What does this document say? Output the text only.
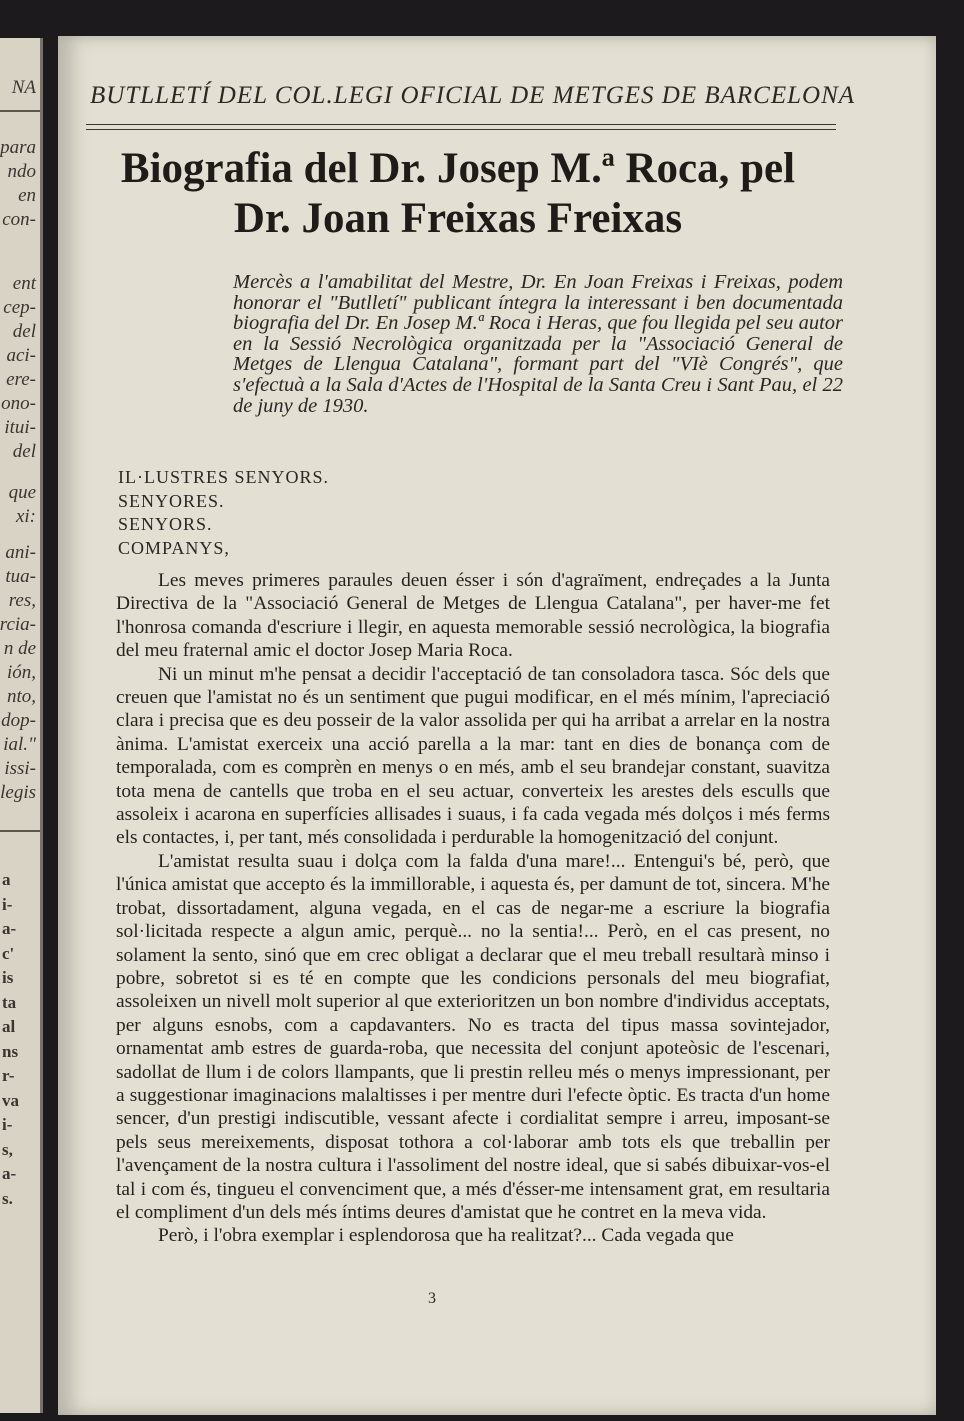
NA

para
ndo
en
con-
ent
cep-
del
aci-
ere-
ono-
itui-
del
que
xi:
ani-
tua-
res,
rcia-
n de
ión,
nto,
dop-
ial."
issi-
legis
a
i-
a-
c'
is
ta
al
ns
r-
va
i-
s,
a-
s.

BUTLLETÍ DEL COL.LEGI OFICIAL DE METGES DE BARCELONA

Biografia del Dr. Josep M.ª Roca, pel
Dr. Joan Freixas Freixas

Mercès a l'amabilitat del Mestre, Dr. En Joan Freixas i Freixas, podem honorar el "Butlletí" publicant íntegra la interessant i ben documentada biografia del Dr. En Josep M.ª Roca i Heras, que fou llegida pel seu autor en la Sessió Necrològica organitzada per la "Associació General de Metges de Llengua Catalana", formant part del "VIè Congrés", que s'efectuà a la Sala d'Actes de l'Hospital de la Santa Creu i Sant Pau, el 22 de juny de 1930.

IL·LUSTRES SENYORS.
SENYORES.
SENYORS.
COMPANYS,

Les meves primeres paraules deuen ésser i són d'agraïment, endreçades a la Junta Directiva de la "Associació General de Metges de Llengua Catalana", per haver-me fet l'honrosa comanda d'escriure i llegir, en aquesta memorable sessió necrològica, la biografia del meu fraternal amic el doctor Josep Maria Roca.

Ni un minut m'he pensat a decidir l'acceptació de tan consoladora tasca. Sóc dels que creuen que l'amistat no és un sentiment que pugui modificar, en el més mínim, l'apreciació clara i precisa que es deu posseir de la valor assolida per qui ha arribat a arrelar en la nostra ànima. L'amistat exerceix una acció parella a la mar: tant en dies de bonança com de temporalada, com es comprèn en menys o en més, amb el seu brandejar constant, suavitza tota mena de cantells que troba en el seu actuar, converteix les arestes dels esculls que assoleix i acarona en superfícies allisades i suaus, i fa cada vegada més dolços i més ferms els contactes, i, per tant, més consolidada i perdurable la homogenització del conjunt.

L'amistat resulta suau i dolça com la falda d'una mare!... Entengui's bé, però, que l'única amistat que accepto és la immillorable, i aquesta és, per damunt de tot, sincera. M'he trobat, dissortadament, alguna vegada, en el cas de negar-me a escriure la biografia sol·licitada respecte a algun amic, perquè... no la sentia!... Però, en el cas present, no solament la sento, sinó que em crec obligat a declarar que el meu treball resultarà minso i pobre, sobretot si es té en compte que les condicions personals del meu biografiat, assoleixen un nivell molt superior al que exterioritzen un bon nombre d'individus acceptats, per alguns esnobs, com a capdavanters. No es tracta del tipus massa sovintejador, ornamentat amb estres de guarda-roba, que necessita del conjunt apoteòsic de l'escenari, sadollat de llum i de colors llampants, que li prestin relleu més o menys impressionant, per a suggestionar imaginacions malaltisses i per mentre duri l'efecte òptic. Es tracta d'un home sencer, d'un prestigi indiscutible, vessant afecte i cordialitat sempre i arreu, imposant-se pels seus mereixements, disposat tothora a col·laborar amb tots els que treballin per l'avençament de la nostra cultura i l'assoliment del nostre ideal, que si sabés dibuixar-vos-el tal i com és, tingueu el convenciment que, a més d'ésser-me intensament grat, em resultaria el compliment d'un dels més íntims deures d'amistat que he contret en la meva vida.

Però, i l'obra exemplar i esplendorosa que ha realitzat?... Cada vegada que

3
